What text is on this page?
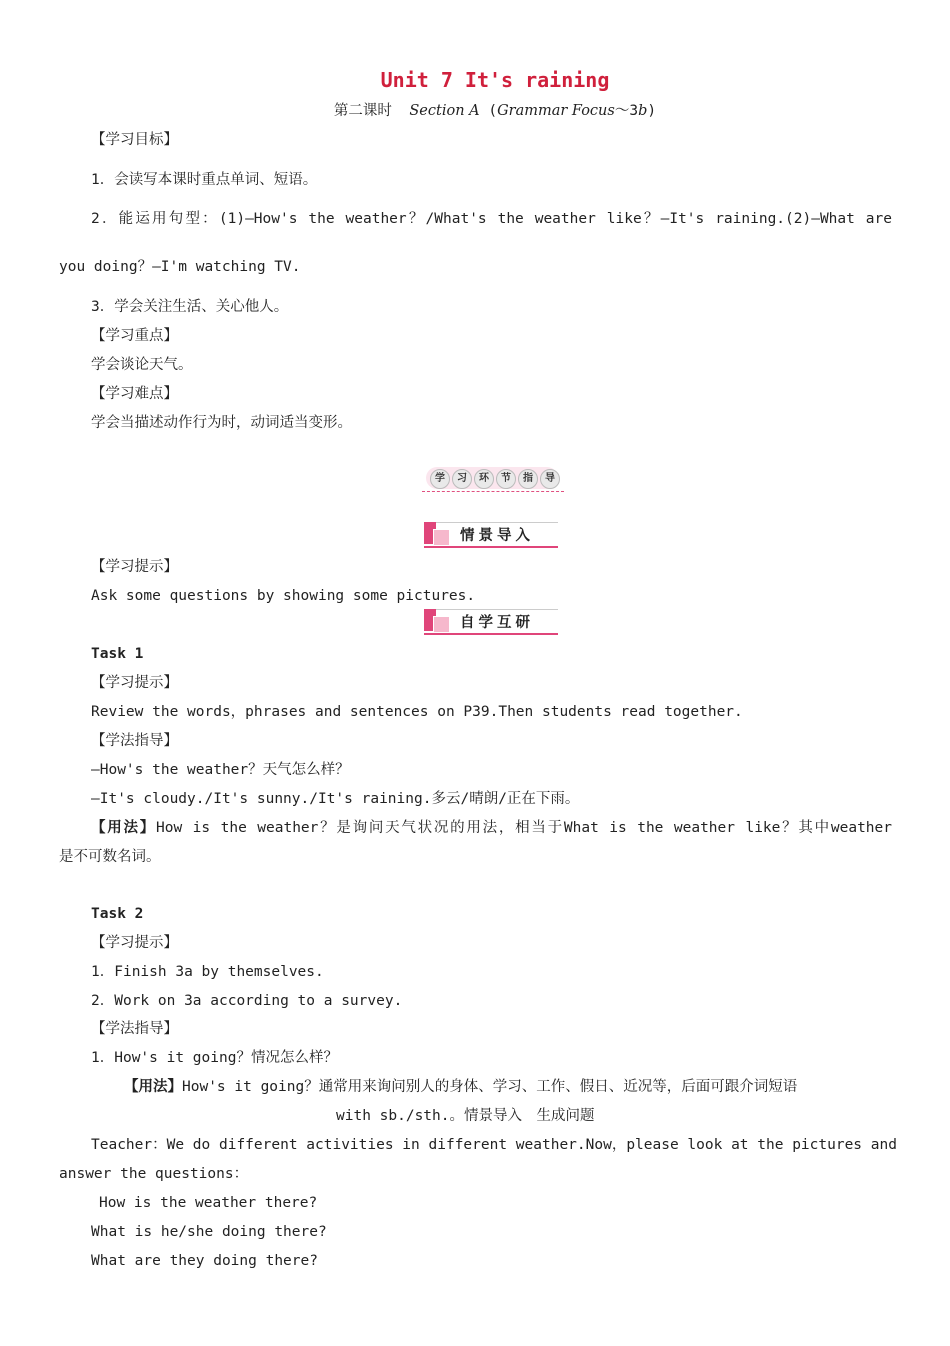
Unit 7 It's raining
第二课时 Section A (Grammar Focus～3b)
【学习目标】
1．会读写本课时重点单词、短语。
2．能运用句型：(1)—How's the weather？/What's the weather like？—It's raining.(2)—What are
you doing？—I'm watching TV.
3．学会关注生活、关心他人。
【学习重点】
学会谈论天气。
【学习难点】
学会当描述动作行为时，动词适当变形。
学	习	环	节	指	导
情景导入
【学习提示】
Ask some questions by showing some pictures.
自学互研
Task 1
【学习提示】
Review the words，phrases and sentences on P39.Then students read together.
【学法指导】
—How's the weather？天气怎么样？
—It's cloudy./It's sunny./It's raining.多云/晴朗/正在下雨。
【用法】How is the weather？是询问天气状况的用法，相当于What is the weather like？其中weather
是不可数名词。
Task 2
【学习提示】
1．Finish 3a by themselves.
2．Work on 3a according to a survey.
【学法指导】
1．How's it going？情况怎么样？
【用法】How's it going？通常用来询问别人的身体、学习、工作、假日、近况等，后面可跟介词短语
with sb./sth.。情景导入　生成问题
Teacher：We do different activities in different weather.Now，please look at the pictures and
answer the questions：
How is the weather there?
What is he/she doing there?
What are they doing there?
